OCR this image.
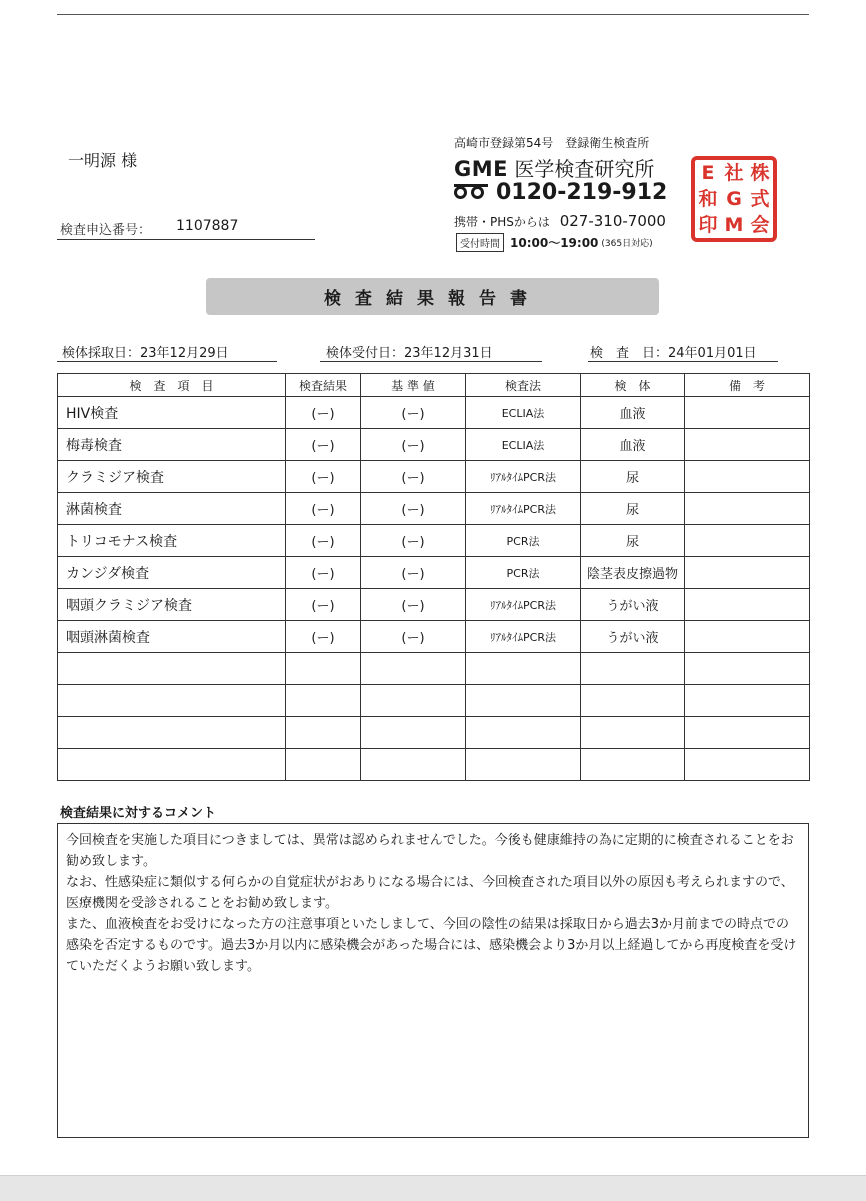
一明源 様
検査申込番号： 1107887
高崎市登録第54号　登録衛生検査所
GME 医学検査研究所
0120-219-912
携帯・PHSからは 027-310-7000
受付時間 10:00〜19:00 (365日対応)
E 社 株
和 G 式
印 M 会
検査結果報告書
検体採取日：23年12月29日	検体受付日：23年12月31日	検　査　日：24年01月01日
検　査　項　目	検査結果	基 準 値	検査法	検　体	備　考
HIV検査	(ー)	(ー)	ECLIA法	血液	
梅毒検査	(ー)	(ー)	ECLIA法	血液	
クラミジア検査	(ー)	(ー)	ﾘｱﾙﾀｲﾑPCR法	尿	
淋菌検査	(ー)	(ー)	ﾘｱﾙﾀｲﾑPCR法	尿	
トリコモナス検査	(ー)	(ー)	PCR法	尿	
カンジダ検査	(ー)	(ー)	PCR法	陰茎表皮擦過物	
咽頭クラミジア検査	(ー)	(ー)	ﾘｱﾙﾀｲﾑPCR法	うがい液	
咽頭淋菌検査	(ー)	(ー)	ﾘｱﾙﾀｲﾑPCR法	うがい液	

検査結果に対するコメント

今回検査を実施した項目につきましては、異常は認められませんでした。今後も健康維持の為に定期的に検査されることをお勧め致します。

なお、性感染症に類似する何らかの自覚症状がおありになる場合には、今回検査された項目以外の原因も考えられますので、医療機関を受診されることをお勧め致します。

また、血液検査をお受けになった方の注意事項といたしまして、今回の陰性の結果は採取日から過去3か月前までの時点での感染を否定するものです。過去3か月以内に感染機会があった場合には、感染機会より3か月以上経過してから再度検査を受けていただくようお願い致します。
